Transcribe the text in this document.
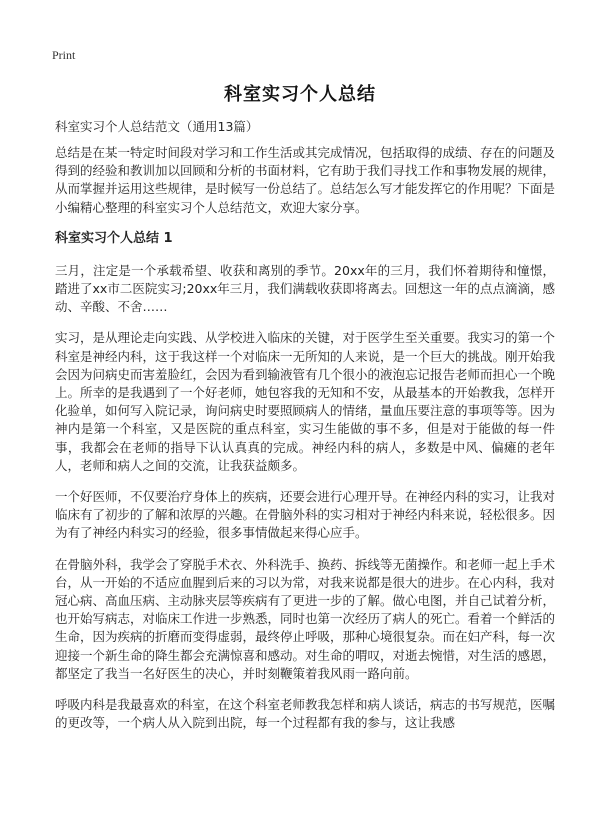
Print
科室实习个人总结

科室实习个人总结范文（通用13篇）

总结是在某一特定时间段对学习和工作生活或其完成情况，包括取得的成绩、存在的问题及得到的经验和教训加以回顾和分析的书面材料，它有助于我们寻找工作和事物发展的规律，从而掌握并运用这些规律，是时候写一份总结了。总结怎么写才能发挥它的作用呢？下面是小编精心整理的科室实习个人总结范文，欢迎大家分享。

科室实习个人总结 1

三月，注定是一个承载希望、收获和离别的季节。20xx年的三月，我们怀着期待和憧憬，踏进了xx市二医院实习;20xx年三月，我们满载收获即将离去。回想这一年的点点滴滴，感动、辛酸、不舍……

实习，是从理论走向实践、从学校进入临床的关键，对于医学生至关重要。我实习的第一个科室是神经内科，这于我这样一个对临床一无所知的人来说，是一个巨大的挑战。刚开始我会因为问病史而害羞脸红，会因为看到输液管有几个很小的液泡忘记报告老师而担心一个晚上。所幸的是我遇到了一个好老师，她包容我的无知和不安，从最基本的开始教我，怎样开化验单，如何写入院记录，询问病史时要照顾病人的情绪，量血压要注意的事项等等。因为神内是第一个科室，又是医院的重点科室，实习生能做的事不多，但是对于能做的每一件事，我都会在老师的指导下认认真真的完成。神经内科的病人，多数是中风、偏瘫的老年人，老师和病人之间的交流，让我获益颇多。

一个好医师，不仅要治疗身体上的疾病，还要会进行心理开导。在神经内科的实习，让我对临床有了初步的了解和浓厚的兴趣。在骨脑外科的实习相对于神经内科来说，轻松很多。因为有了神经内科实习的经验，很多事情做起来得心应手。

在骨脑外科，我学会了穿脱手术衣、外科洗手、换药、拆线等无菌操作。和老师一起上手术台，从一开始的不适应血腥到后来的习以为常，对我来说都是很大的进步。在心内科，我对冠心病、高血压病、主动脉夹层等疾病有了更进一步的了解。做心电图，并自己试着分析，也开始写病志，对临床工作进一步熟悉，同时也第一次经历了病人的死亡。看着一个鲜活的生命，因为疾病的折磨而变得虚弱，最终停止呼吸，那种心境很复杂。而在妇产科，每一次迎接一个新生命的降生都会充满惊喜和感动。对生命的喟叹，对逝去惋惜，对生活的感恩，都坚定了我当一名好医生的决心，并时刻鞭策着我风雨一路向前。

呼吸内科是我最喜欢的科室，在这个科室老师教我怎样和病人谈话，病志的书写规范，医嘱的更改等，一个病人从入院到出院，每一个过程都有我的参与，这让我感
